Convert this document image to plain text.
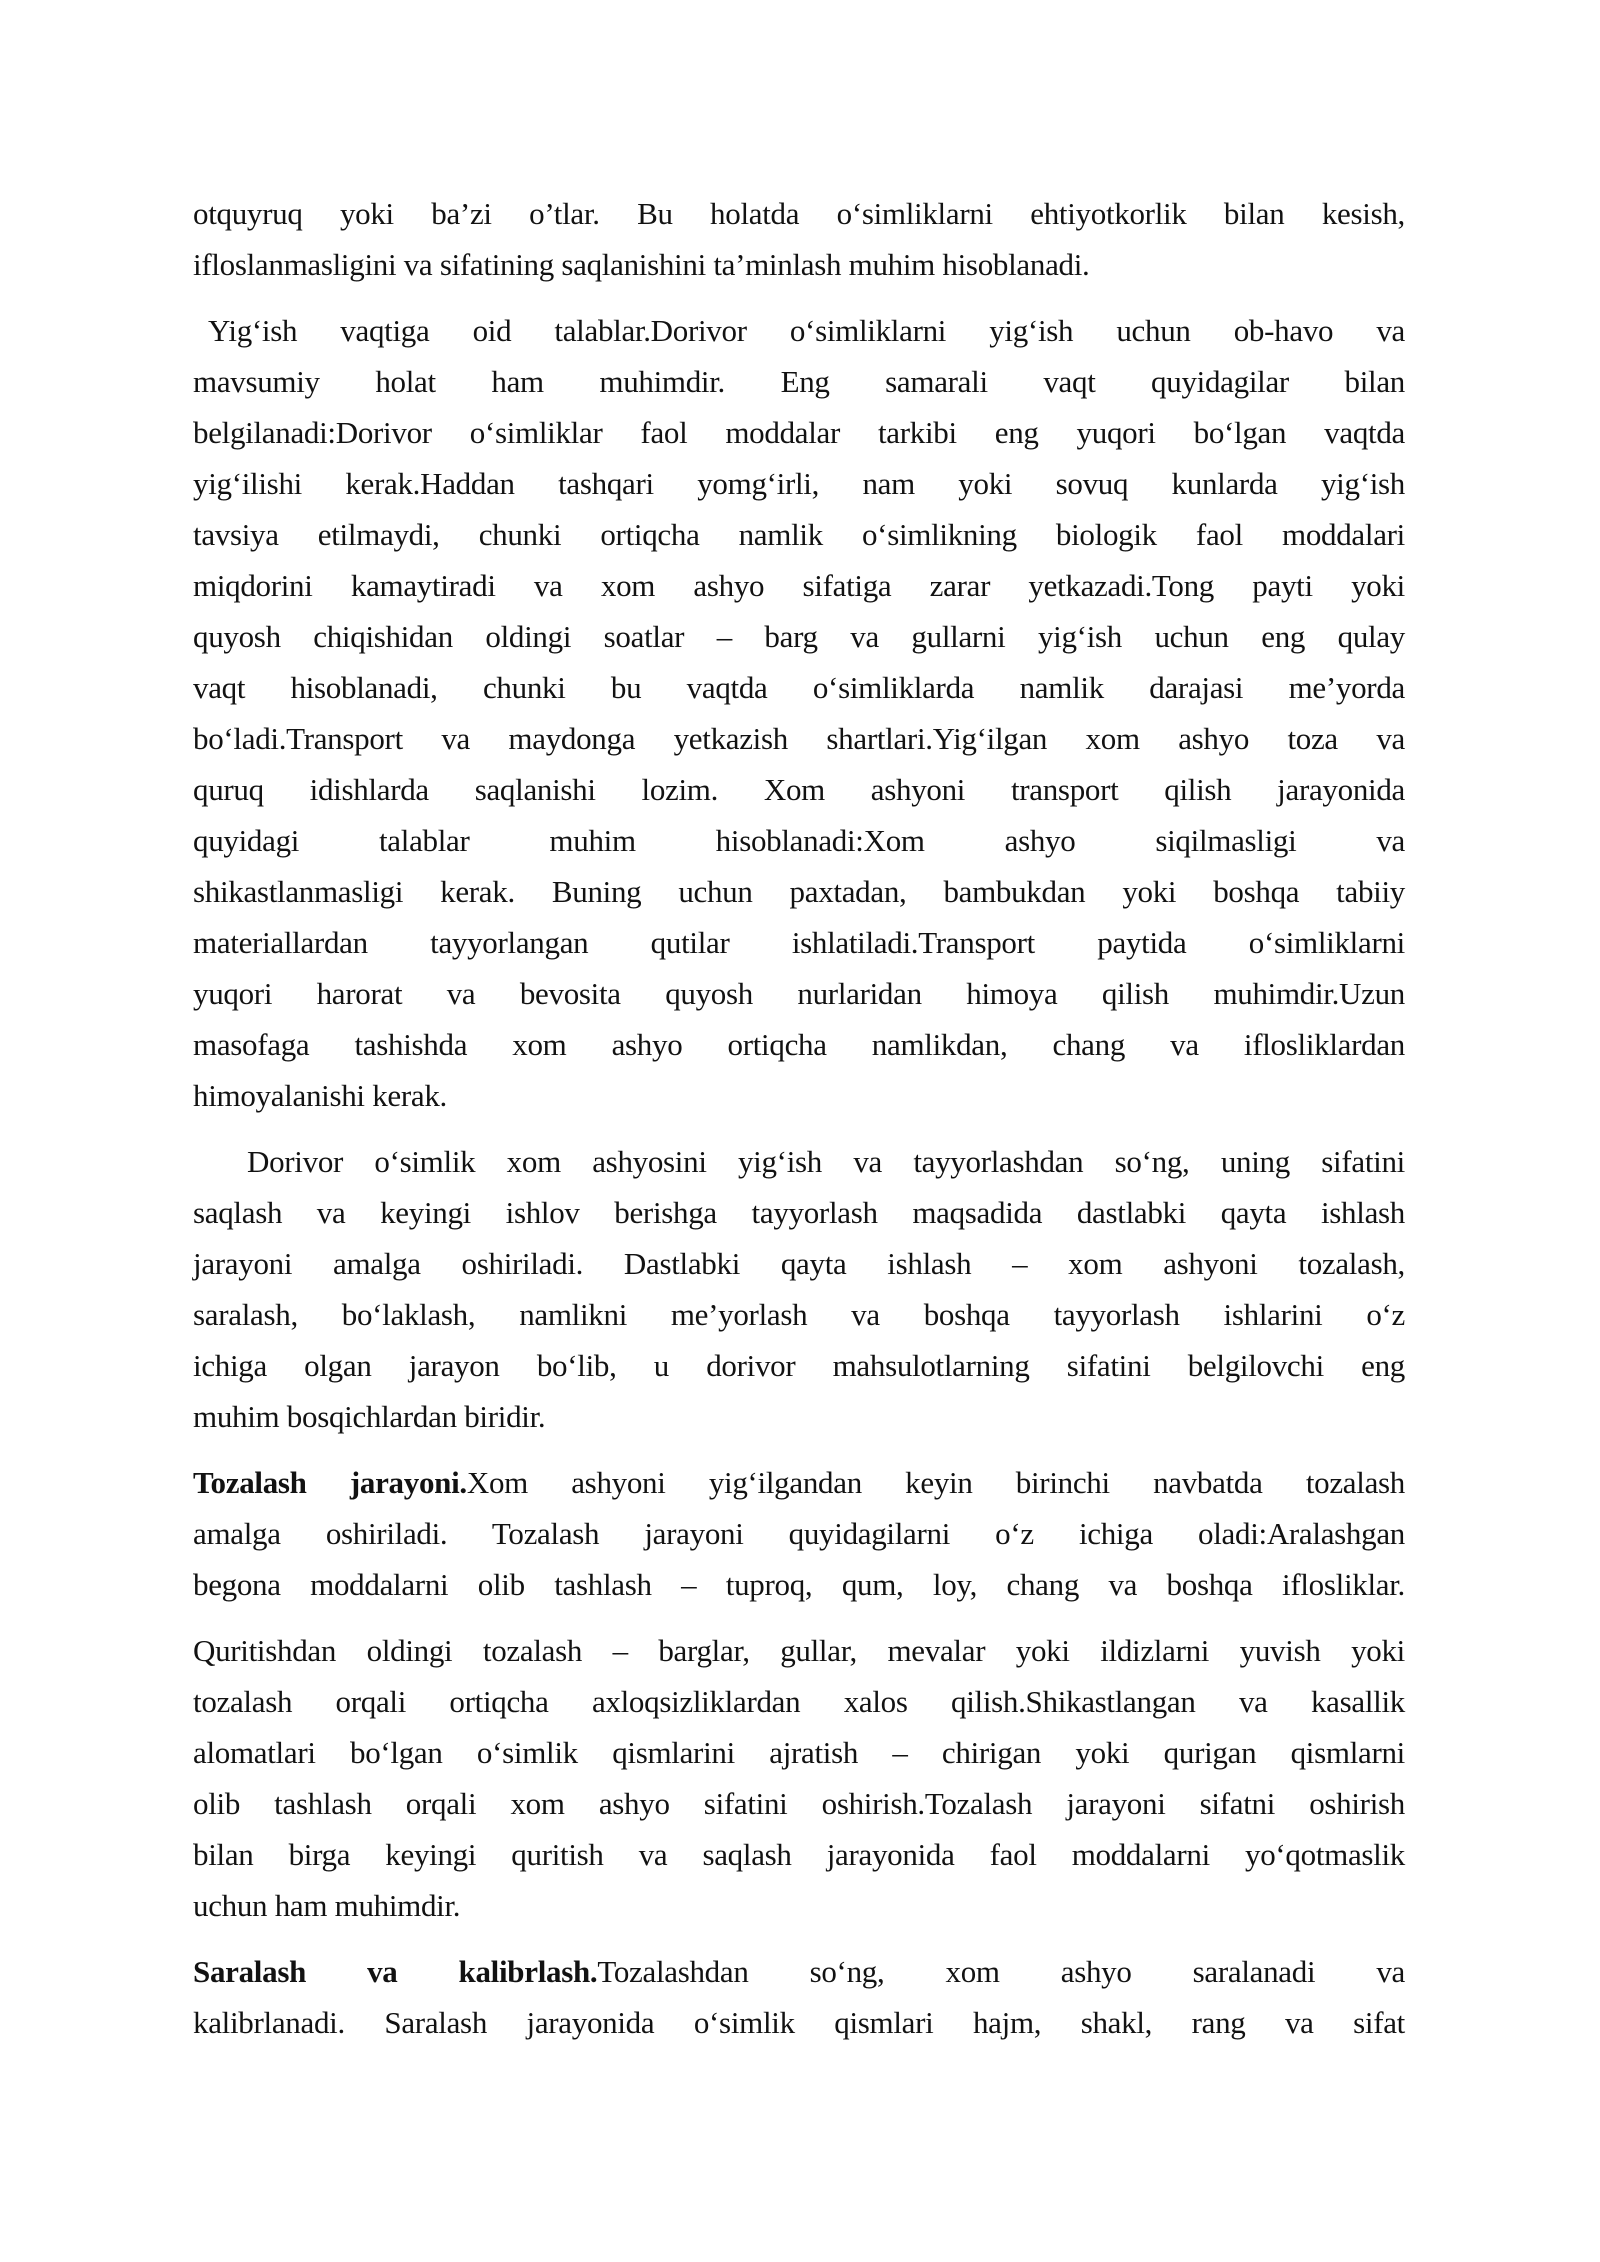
otquyruq yoki ba’zi o’tlar. Bu holatda o‘simliklarni ehtiyotkorlik bilan kesish,
ifloslanmasligini va sifatining saqlanishini ta’minlash muhim hisoblanadi.
Yig‘ish vaqtiga oid talablar.Dorivor o‘simliklarni yig‘ish uchun ob-havo va
mavsumiy holat ham muhimdir. Eng samarali vaqt quyidagilar bilan
belgilanadi:Dorivor o‘simliklar faol moddalar tarkibi eng yuqori bo‘lgan vaqtda
yig‘ilishi kerak.Haddan tashqari yomg‘irli, nam yoki sovuq kunlarda yig‘ish
tavsiya etilmaydi, chunki ortiqcha namlik o‘simlikning biologik faol moddalari
miqdorini kamaytiradi va xom ashyo sifatiga zarar yetkazadi.Tong payti yoki
quyosh chiqishidan oldingi soatlar – barg va gullarni yig‘ish uchun eng qulay
vaqt hisoblanadi, chunki bu vaqtda o‘simliklarda namlik darajasi me’yorda
bo‘ladi.Transport va maydonga yetkazish shartlari.Yig‘ilgan xom ashyo toza va
quruq idishlarda saqlanishi lozim. Xom ashyoni transport qilish jarayonida
quyidagi talablar muhim hisoblanadi:Xom ashyo siqilmasligi va
shikastlanmasligi kerak. Buning uchun paxtadan, bambukdan yoki boshqa tabiiy
materiallardan tayyorlangan qutilar ishlatiladi.Transport paytida o‘simliklarni
yuqori harorat va bevosita quyosh nurlaridan himoya qilish muhimdir.Uzun
masofaga tashishda xom ashyo ortiqcha namlikdan, chang va iflosliklardan
himoyalanishi kerak.
Dorivor o‘simlik xom ashyosini yig‘ish va tayyorlashdan so‘ng, uning sifatini
saqlash va keyingi ishlov berishga tayyorlash maqsadida dastlabki qayta ishlash
jarayoni amalga oshiriladi. Dastlabki qayta ishlash – xom ashyoni tozalash,
saralash, bo‘laklash, namlikni me’yorlash va boshqa tayyorlash ishlarini o‘z
ichiga olgan jarayon bo‘lib, u dorivor mahsulotlarning sifatini belgilovchi eng
muhim bosqichlardan biridir.
Tozalash jarayoni.Xom ashyoni yig‘ilgandan keyin birinchi navbatda tozalash
amalga oshiriladi. Tozalash jarayoni quyidagilarni o‘z ichiga oladi:Aralashgan
begona moddalarni olib tashlash – tuproq, qum, loy, chang va boshqa iflosliklar.
Quritishdan oldingi tozalash – barglar, gullar, mevalar yoki ildizlarni yuvish yoki
tozalash orqali ortiqcha axloqsizliklardan xalos qilish.Shikastlangan va kasallik
alomatlari bo‘lgan o‘simlik qismlarini ajratish – chirigan yoki qurigan qismlarni
olib tashlash orqali xom ashyo sifatini oshirish.Tozalash jarayoni sifatni oshirish
bilan birga keyingi quritish va saqlash jarayonida faol moddalarni yo‘qotmaslik
uchun ham muhimdir.
Saralash va kalibrlash.Tozalashdan so‘ng, xom ashyo saralanadi va
kalibrlanadi. Saralash jarayonida o‘simlik qismlari hajm, shakl, rang va sifat
